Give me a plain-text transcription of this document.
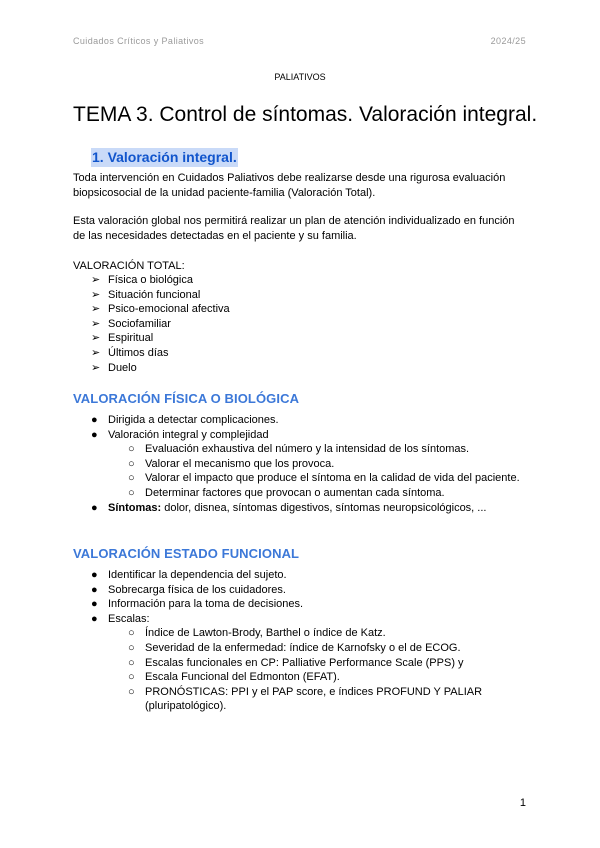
Cuidados Críticos y Paliativos	2024/25
PALIATIVOS
TEMA 3. Control de síntomas. Valoración integral.
1. Valoración integral.
Toda intervención en Cuidados Paliativos debe realizarse desde una rigurosa evaluación
biopsicosocial de la unidad paciente-familia (Valoración Total).
Esta valoración global nos permitirá realizar un plan de atención individualizado en función
de las necesidades detectadas en el paciente y su familia.
VALORACIÓN TOTAL:
➢ Física o biológica
➢ Situación funcional
➢ Psico-emocional afectiva
➢ Sociofamiliar
➢ Espiritual
➢ Últimos días
➢ Duelo
VALORACIÓN FÍSICA O BIOLÓGICA
● Dirigida a detectar complicaciones.
● Valoración integral y complejidad
○ Evaluación exhaustiva del número y la intensidad de los síntomas.
○ Valorar el mecanismo que los provoca.
○ Valorar el impacto que produce el síntoma en la calidad de vida del paciente.
○ Determinar factores que provocan o aumentan cada síntoma.
● Síntomas: dolor, disnea, síntomas digestivos, síntomas neuropsicológicos, ...
VALORACIÓN ESTADO FUNCIONAL
● Identificar la dependencia del sujeto.
● Sobrecarga física de los cuidadores.
● Información para la toma de decisiones.
● Escalas:
○ Índice de Lawton-Brody, Barthel o índice de Katz.
○ Severidad de la enfermedad: índice de Karnofsky o el de ECOG.
○ Escalas funcionales en CP: Palliative Performance Scale (PPS) y
○ Escala Funcional del Edmonton (EFAT).
○ PRONÓSTICAS: PPI y el PAP score, e índices PROFUND Y PALIAR
(pluripatológico).
1
